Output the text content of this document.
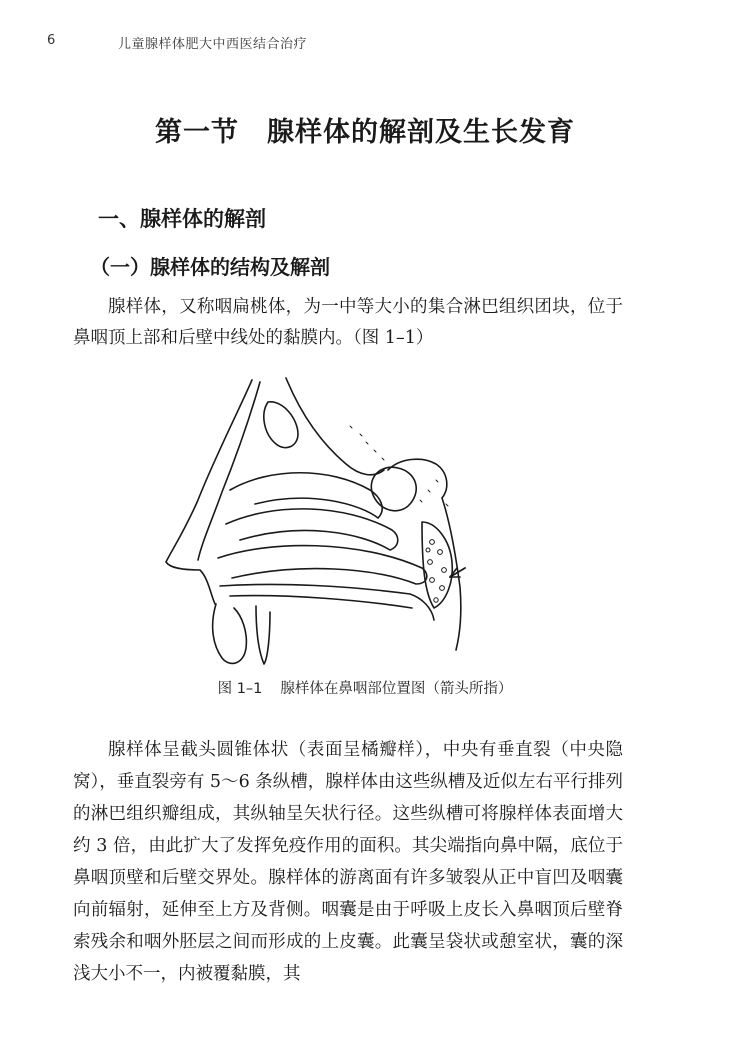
6	儿童腺样体肥大中西医结合治疗
第一节 腺样体的解剖及生长发育
一、腺样体的解剖
（一）腺样体的结构及解剖

腺样体，又称咽扁桃体，为一中等大小的集合淋巴组织团块，位于鼻咽顶上部和后壁中线处的黏膜内。（图 1–1）

图 1–1 腺样体在鼻咽部位置图（箭头所指）

腺样体呈截头圆锥体状（表面呈橘瓣样），中央有垂直裂（中央隐窝），垂直裂旁有 5～6 条纵槽，腺样体由这些纵槽及近似左右平行排列的淋巴组织瓣组成，其纵轴呈矢状行径。这些纵槽可将腺样体表面增大约 3 倍，由此扩大了发挥免疫作用的面积。其尖端指向鼻中隔，底位于鼻咽顶壁和后壁交界处。腺样体的游离面有许多皱裂从正中盲凹及咽囊向前辐射，延伸至上方及背侧。咽囊是由于呼吸上皮长入鼻咽顶后壁脊索残余和咽外胚层之间而形成的上皮囊。此囊呈袋状或憩室状，囊的深浅大小不一，内被覆黏膜，其
